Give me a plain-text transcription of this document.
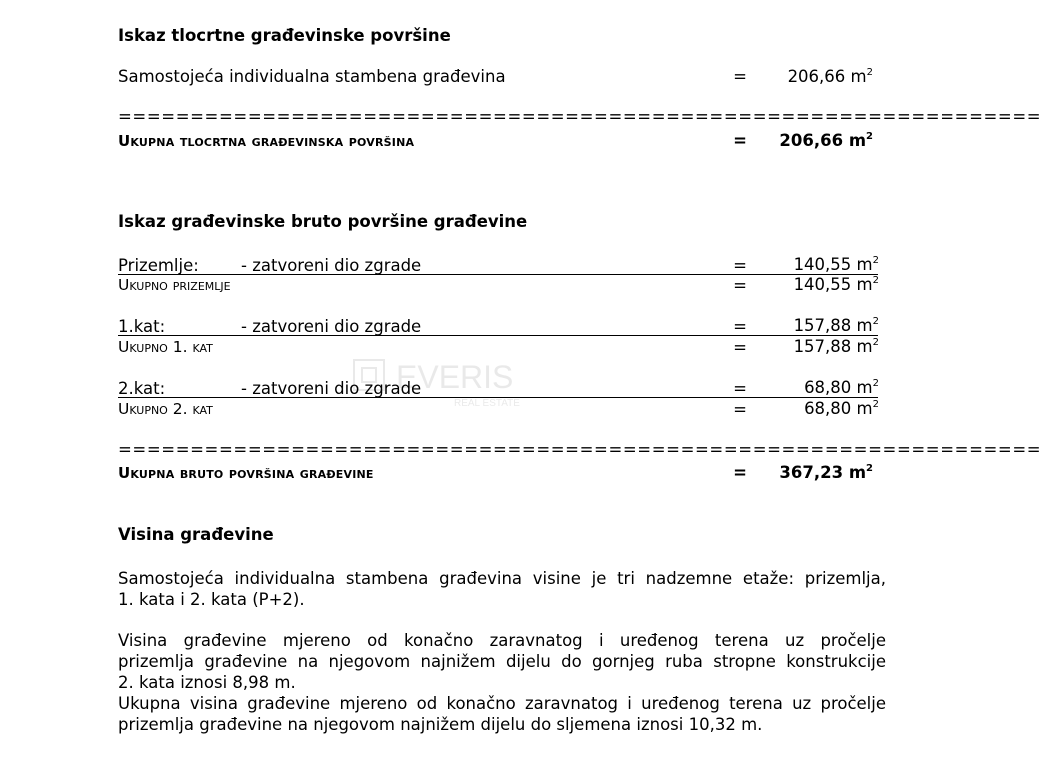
EVERIS
REAL ESTATE
Iskaz tlocrtne građevinske površine
Samostojeća individualna stambena građevina	= 206,66 $m^2$
================================================================
Ukupna tlocrtna građevinska površina	= 206,66 $m^2$
Iskaz građevinske bruto površine građevine
Prizemlje:	- zatvoreni dio zgrade	=	140,55 $m^2$
Ukupno prizemlje	=	140,55 $m^2$
1.kat:	- zatvoreni dio zgrade	=	157,88 $m^2$
Ukupno 1. kat	=	157,88 $m^2$
2.kat:	- zatvoreni dio zgrade	=	68,80 $m^2$
Ukupno 2. kat	=	68,80 $m^2$
================================================================
Ukupna bruto površina građevine	= 367,23 $m^2$
Visina građevine
Samostojeća individualna stambena građevina visine je tri nadzemne etaže: prizemlja,
1. kata i 2. kata (P+2).
Visina građevine mjereno od konačno zaravnatog i uređenog terena uz pročelje
prizemlja građevine na njegovom najnižem dijelu do gornjeg ruba stropne konstrukcije
2. kata iznosi 8,98 m.
Ukupna visina građevine mjereno od konačno zaravnatog i uređenog terena uz pročelje
prizemlja građevine na njegovom najnižem dijelu do sljemena iznosi 10,32 m.
